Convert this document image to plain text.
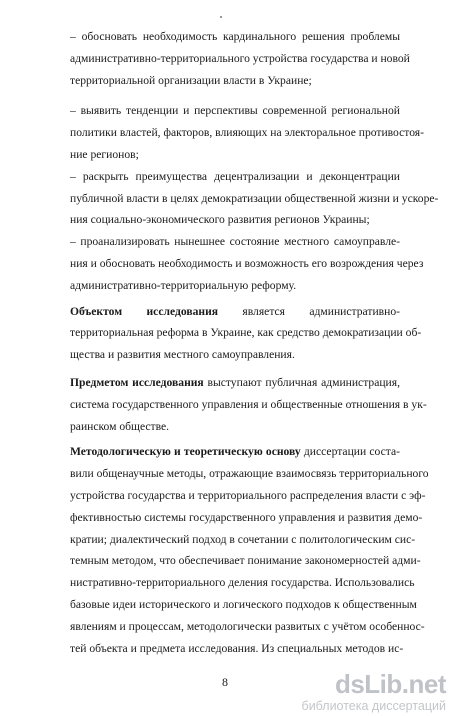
– обосновать необходимость кардинального решения проблемы
административно-территориального устройства государства и новой
территориальной организации власти в Украине;
– выявить тенденции и перспективы современной региональной
политики властей, факторов, влияющих на электоральное противостоя-
ние регионов;
– раскрыть преимущества децентрализации и деконцентрации
публичной власти в целях демократизации общественной жизни и ускоре-
ния социально-экономического развития регионов Украины;
– проанализировать нынешнее состояние местного самоуправле-
ния и обосновать необходимость и возможность его возрождения через
административно-территориальную реформу.
Объектом исследования является административно-
территориальная реформа в Украине, как средство демократизации об-
щества и развития местного самоуправления.
Предметом исследования выступают публичная администрация,
система государственного управления и общественные отношения в ук-
раинском обществе.
Методологическую и теоретическую основу диссертации соста-
вили общенаучные методы, отражающие взаимосвязь территориального
устройства государства и территориального распределения власти с эф-
фективностью системы государственного управления и развития демо-
кратии; диалектический подход в сочетании с политологическим сис-
темным методом, что обеспечивает понимание закономерностей адми-
нистративно-территориального деления государства. Использовались
базовые идеи исторического и логического подходов к общественным
явлениям и процессам, методологически развитых с учётом особеннос-
тей объекта и предмета исследования. Из специальных методов ис-
dsLib.net
библиотека диссертаций
8
